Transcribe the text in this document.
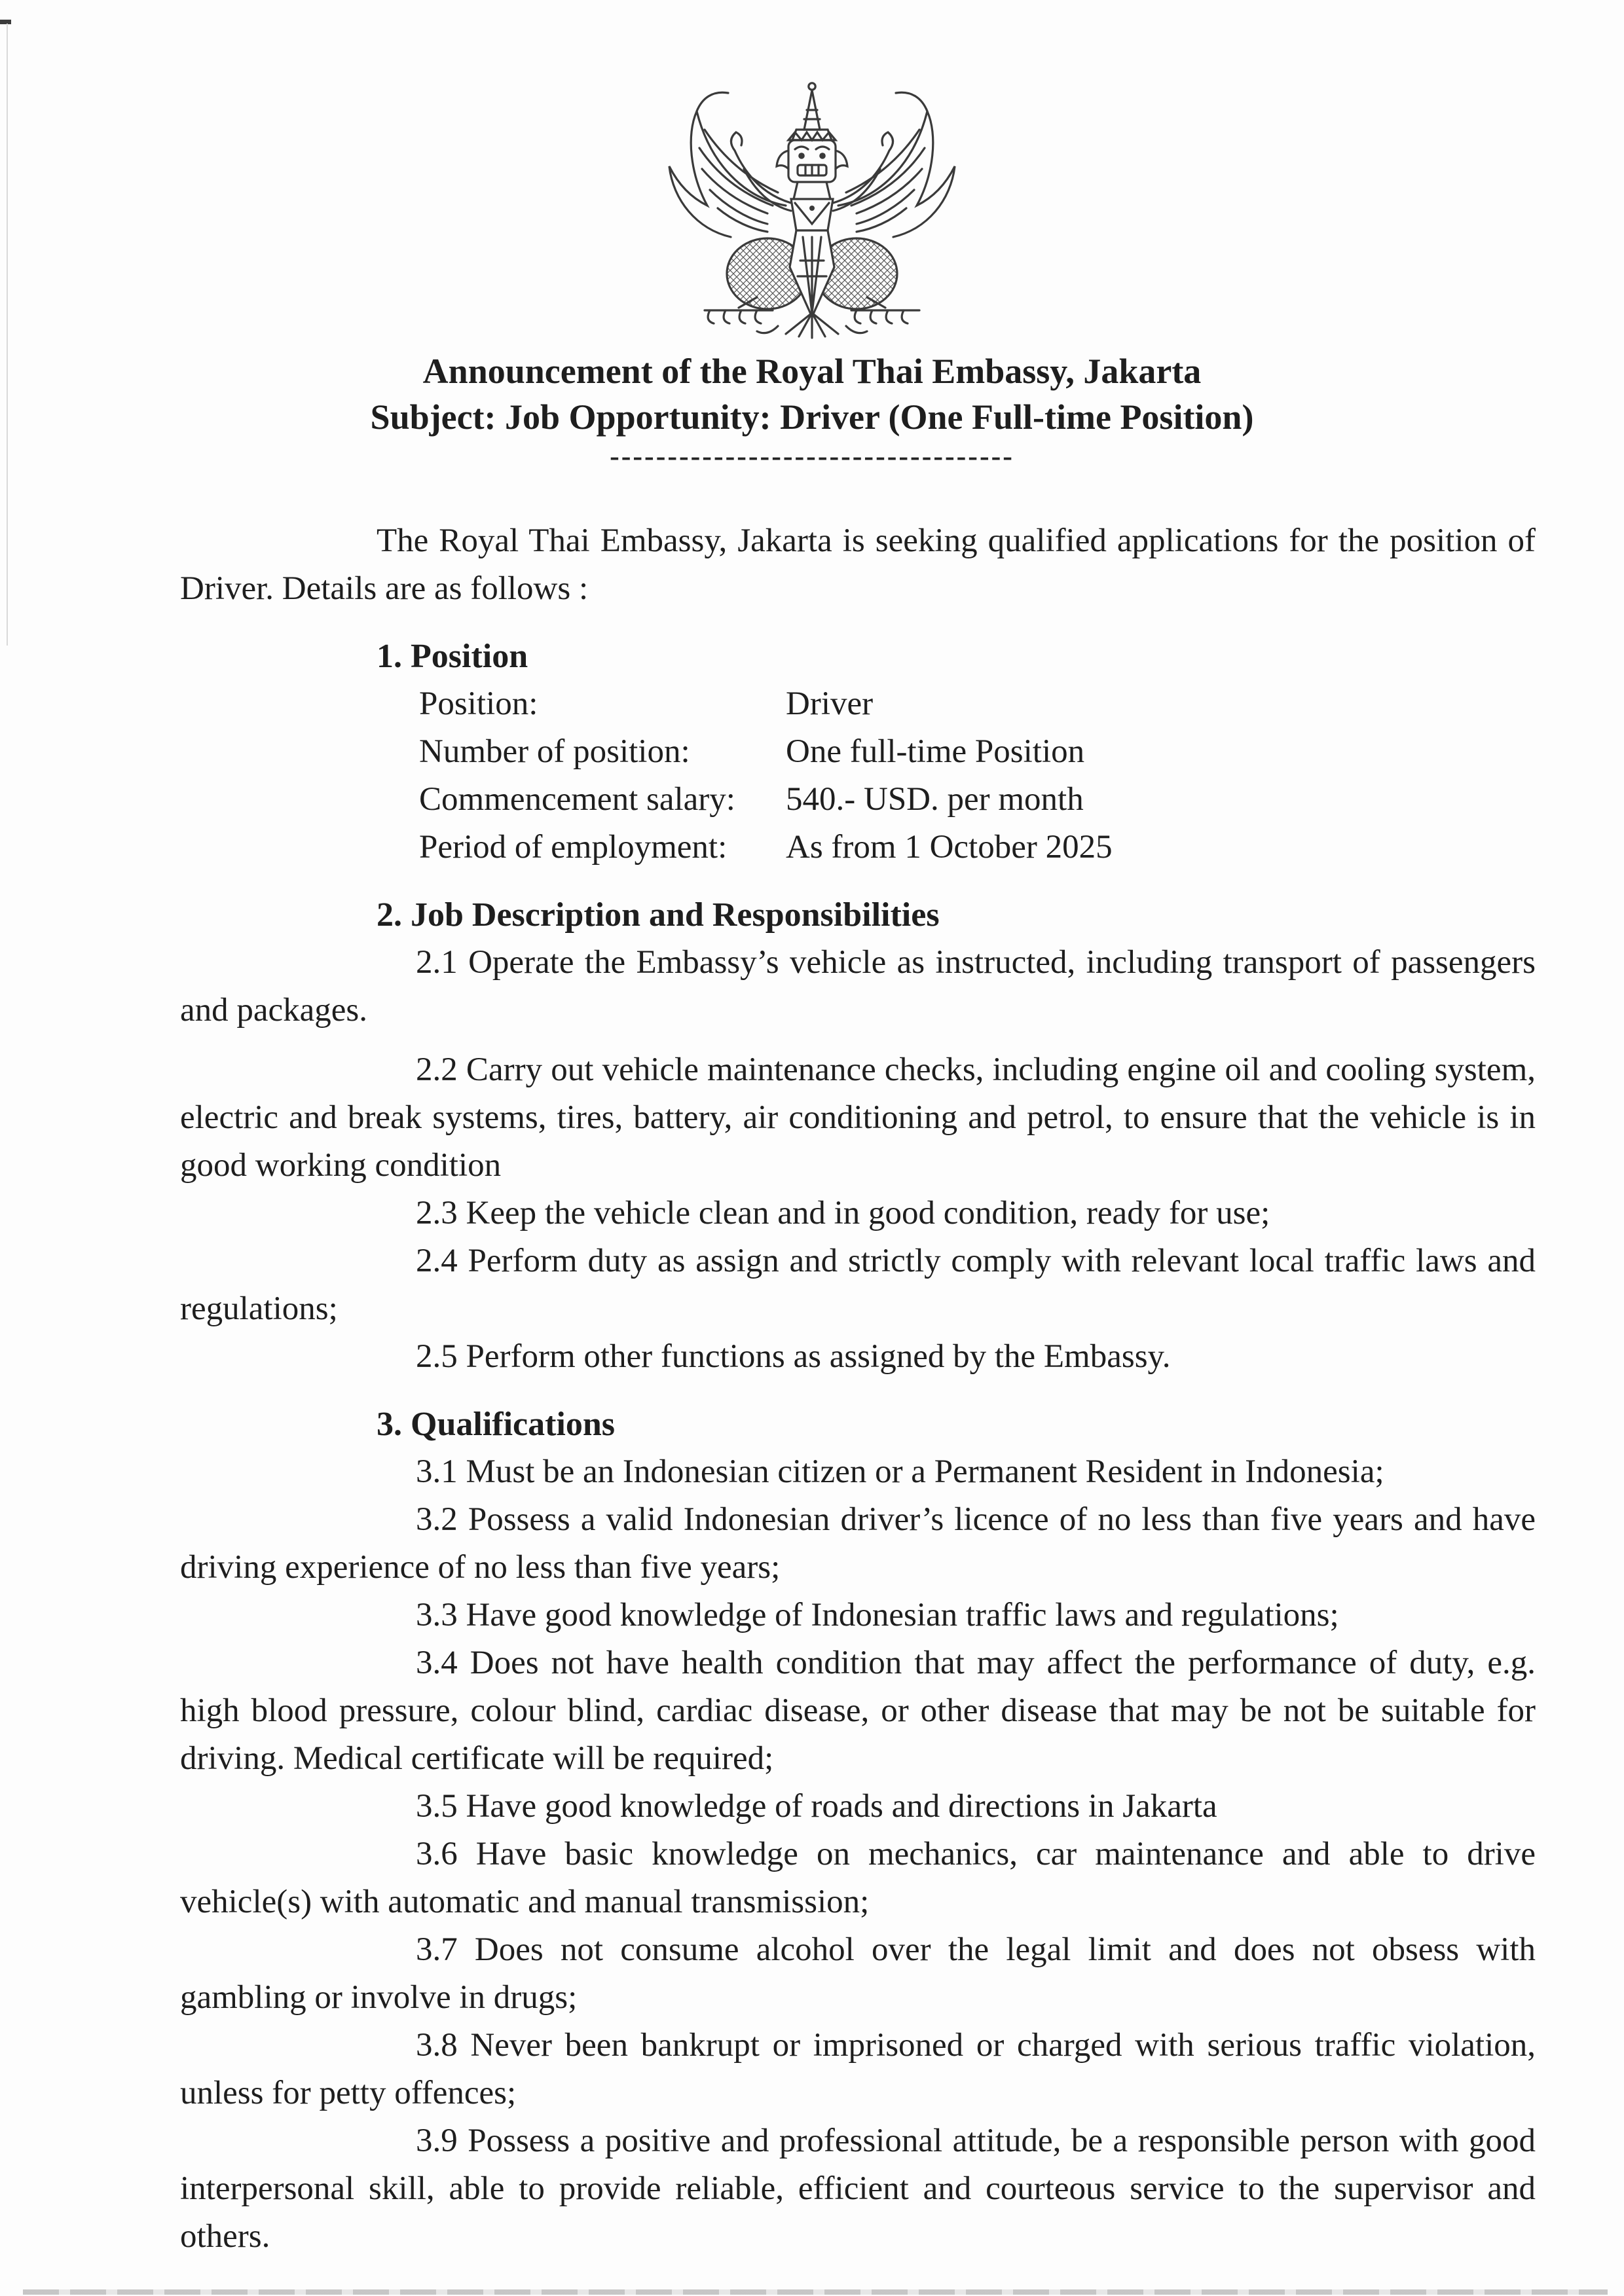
Announcement of the Royal Thai Embassy, Jakarta
Subject: Job Opportunity: Driver (One Full-time Position)
-----------------------------------

The Royal Thai Embassy, Jakarta is seeking qualified applications for the position of Driver. Details are as follows :

1. Position
Position:	Driver
Number of position:	One full-time Position
Commencement salary:	540.- USD. per month
Period of employment:	As from 1 October 2025
2. Job Description and Responsibilities

2.1 Operate the Embassy’s vehicle as instructed, including transport of passengers and packages.

2.2 Carry out vehicle maintenance checks, including engine oil and cooling system, electric and break systems, tires, battery, air conditioning and petrol, to ensure that the vehicle is in good working condition

2.3 Keep the vehicle clean and in good condition, ready for use;

2.4 Perform duty as assign and strictly comply with relevant local traffic laws and regulations;

2.5 Perform other functions as assigned by the Embassy.

3. Qualifications

3.1 Must be an Indonesian citizen or a Permanent Resident in Indonesia;

3.2 Possess a valid Indonesian driver’s licence of no less than five years and have driving experience of no less than five years;

3.3 Have good knowledge of Indonesian traffic laws and regulations;

3.4 Does not have health condition that may affect the performance of duty, e.g. high blood pressure, colour blind, cardiac disease, or other disease that may be not be suitable for driving. Medical certificate will be required;

3.5 Have good knowledge of roads and directions in Jakarta

3.6 Have basic knowledge on mechanics, car maintenance and able to drive vehicle(s) with automatic and manual transmission;

3.7 Does not consume alcohol over the legal limit and does not obsess with gambling or involve in drugs;

3.8 Never been bankrupt or imprisoned or charged with serious traffic violation, unless for petty offences;

3.9 Possess a positive and professional attitude, be a responsible person with good interpersonal skill, able to provide reliable, efficient and courteous service to the supervisor and others.
